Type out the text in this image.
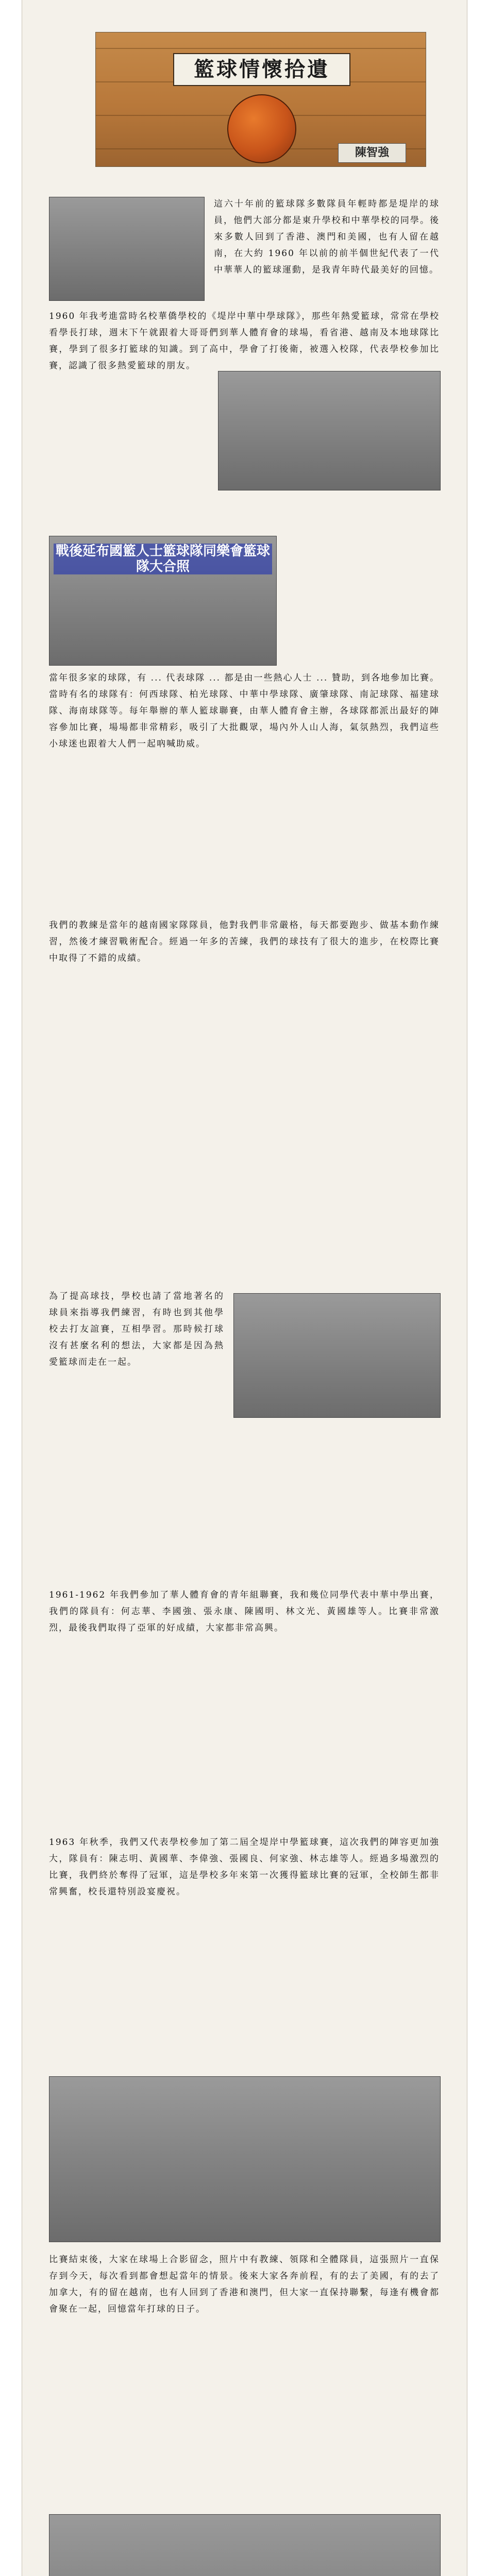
籃球情懷拾遺

陳智強

這六十年前的籃球隊多數隊員年輕時都是堤岸的球員，他們大部分都是東升學校和中華學校的同學。後來多數人回到了香港、澳門和美國，也有人留在越南，在大約 1960 年以前的前半個世紀代表了一代中華華人的籃球運動，是我青年時代最美好的回憶。

1960 年我考進當時名校華僑學校的《堤岸中華中學球隊》，那些年熱愛籃球，常常在學校看學長打球，週末下午就跟着大哥哥們到華人體育會的球場，看省港、越南及本地球隊比賽，學到了很多打籃球的知識。到了高中，學會了打後衛，被選入校隊，代表學校參加比賽，認識了很多熱愛籃球的朋友。

戰後延布國籃人士籃球隊同樂會籃球隊大合照

當年很多家的球隊，有 ... 代表球隊 ... 都是由一些熱心人士 ... 贊助，到各地參加比賽。當時有名的球隊有：何西球隊、柏光球隊、中華中學球隊、廣肇球隊、南記球隊、福建球隊、海南球隊等。每年舉辦的華人籃球聯賽，由華人體育會主辦，各球隊都派出最好的陣容參加比賽，場場都非常精彩，吸引了大批觀眾，場內外人山人海，氣氛熱烈，我們這些小球迷也跟着大人們一起吶喊助威。

我們的教練是當年的越南國家隊隊員，他對我們非常嚴格，每天都要跑步、做基本動作練習，然後才練習戰術配合。經過一年多的苦練，我們的球技有了很大的進步，在校際比賽中取得了不錯的成績。

為了提高球技，學校也請了當地著名的球員來指導我們練習，有時也到其他學校去打友誼賽，互相學習。那時候打球沒有甚麼名利的想法，大家都是因為熱愛籃球而走在一起。

1961-1962 年我們參加了華人體育會的青年組聯賽，我和幾位同學代表中華中學出賽，我們的隊員有：何志華、李國強、張永康、陳國明、林文光、黃國雄等人。比賽非常激烈，最後我們取得了亞軍的好成績，大家都非常高興。

1963 年秋季，我們又代表學校參加了第二屆全堤岸中學籃球賽，這次我們的陣容更加強大，隊員有：陳志明、黃國華、李偉強、張國良、何家強、林志雄等人。經過多場激烈的比賽，我們終於奪得了冠軍，這是學校多年來第一次獲得籃球比賽的冠軍，全校師生都非常興奮，校長還特別設宴慶祝。

比賽結束後，大家在球場上合影留念，照片中有教練、領隊和全體隊員，這張照片一直保存到今天，每次看到都會想起當年的情景。後來大家各奔前程，有的去了美國，有的去了加拿大，有的留在越南，也有人回到了香港和澳門，但大家一直保持聯繫，每逢有機會都會聚在一起，回憶當年打球的日子。
